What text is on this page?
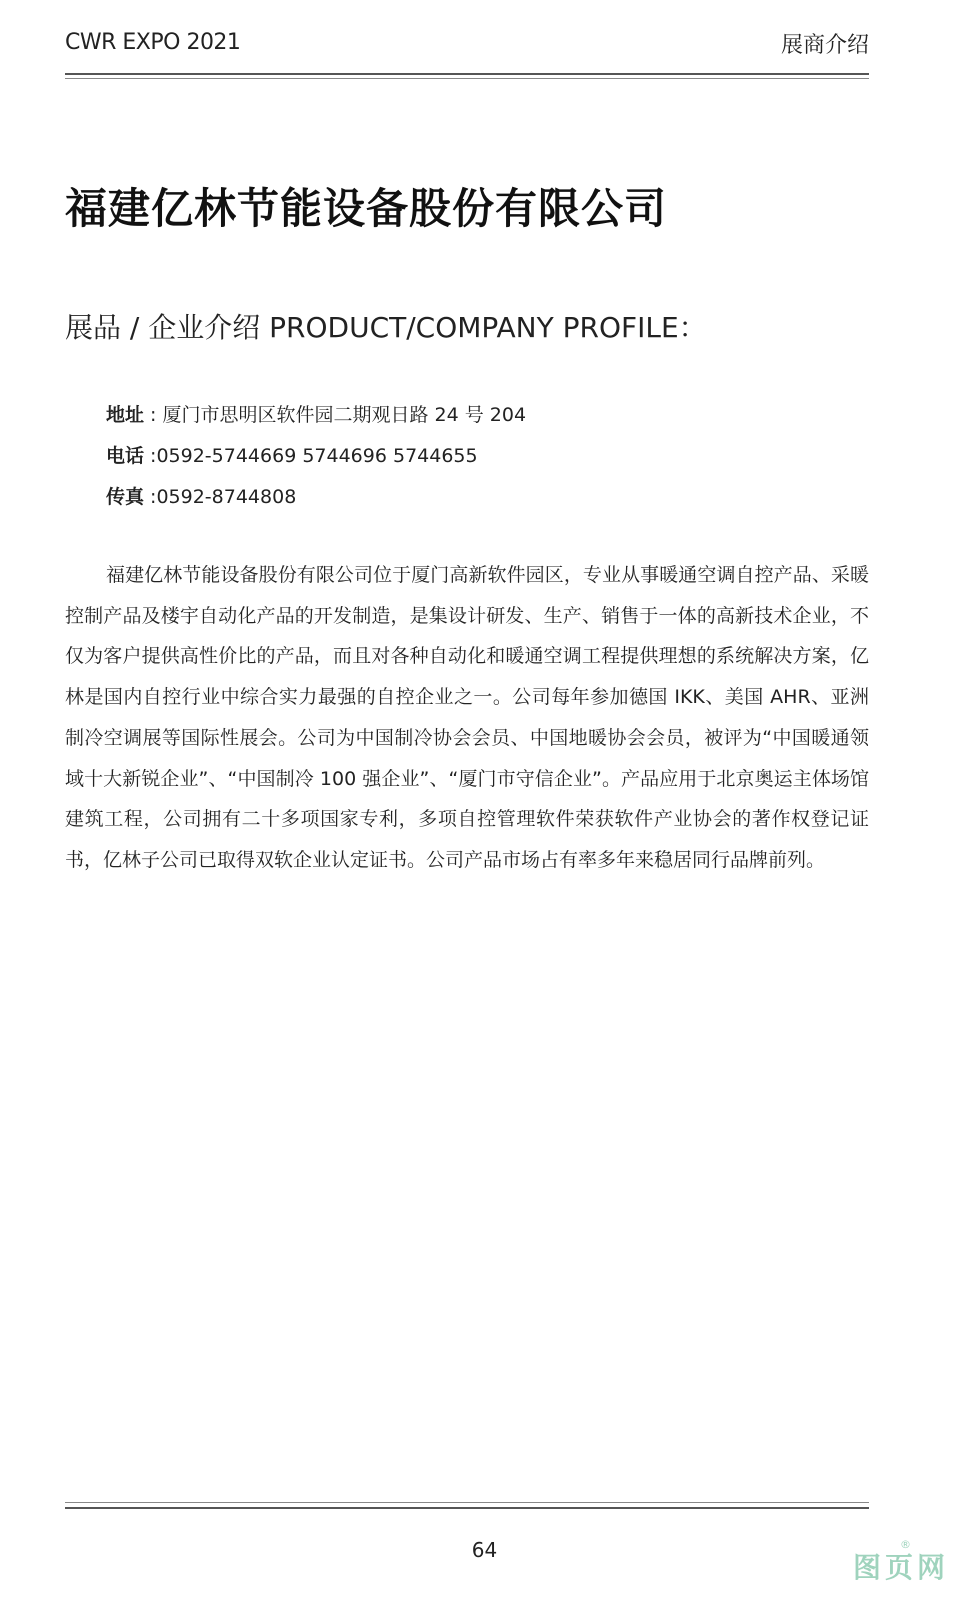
CWR EXPO 2021	展商介绍
福建亿林节能设备股份有限公司
展品 / 企业介绍 PRODUCT/COMPANY PROFILE：
地址 : 厦门市思明区软件园二期观日路 24 号 204
电话 :0592-5744669 5744696 5744655
传真 :0592-8744808
福建亿林节能设备股份有限公司位于厦门高新软件园区，专业从事暖通空调自控产品、采暖控制产品及楼宇自动化产品的开发制造，是集设计研发、生产、销售于一体的高新技术企业，不仅为客户提供高性价比的产品，而且对各种自动化和暖通空调工程提供理想的系统解决方案，亿林是国内自控行业中综合实力最强的自控企业之一。公司每年参加德国 IKK、美国 AHR、亚洲制冷空调展等国际性展会。公司为中国制冷协会会员、中国地暖协会会员，被评为“中国暖通领域十大新锐企业”、“中国制冷 100 强企业”、“厦门市守信企业”。产品应用于北京奥运主体场馆建筑工程，公司拥有二十多项国家专利，多项自控管理软件荣获软件产业协会的著作权登记证书，亿林子公司已取得双软企业认定证书。公司产品市场占有率多年来稳居同行品牌前列。
64	®
图页网
